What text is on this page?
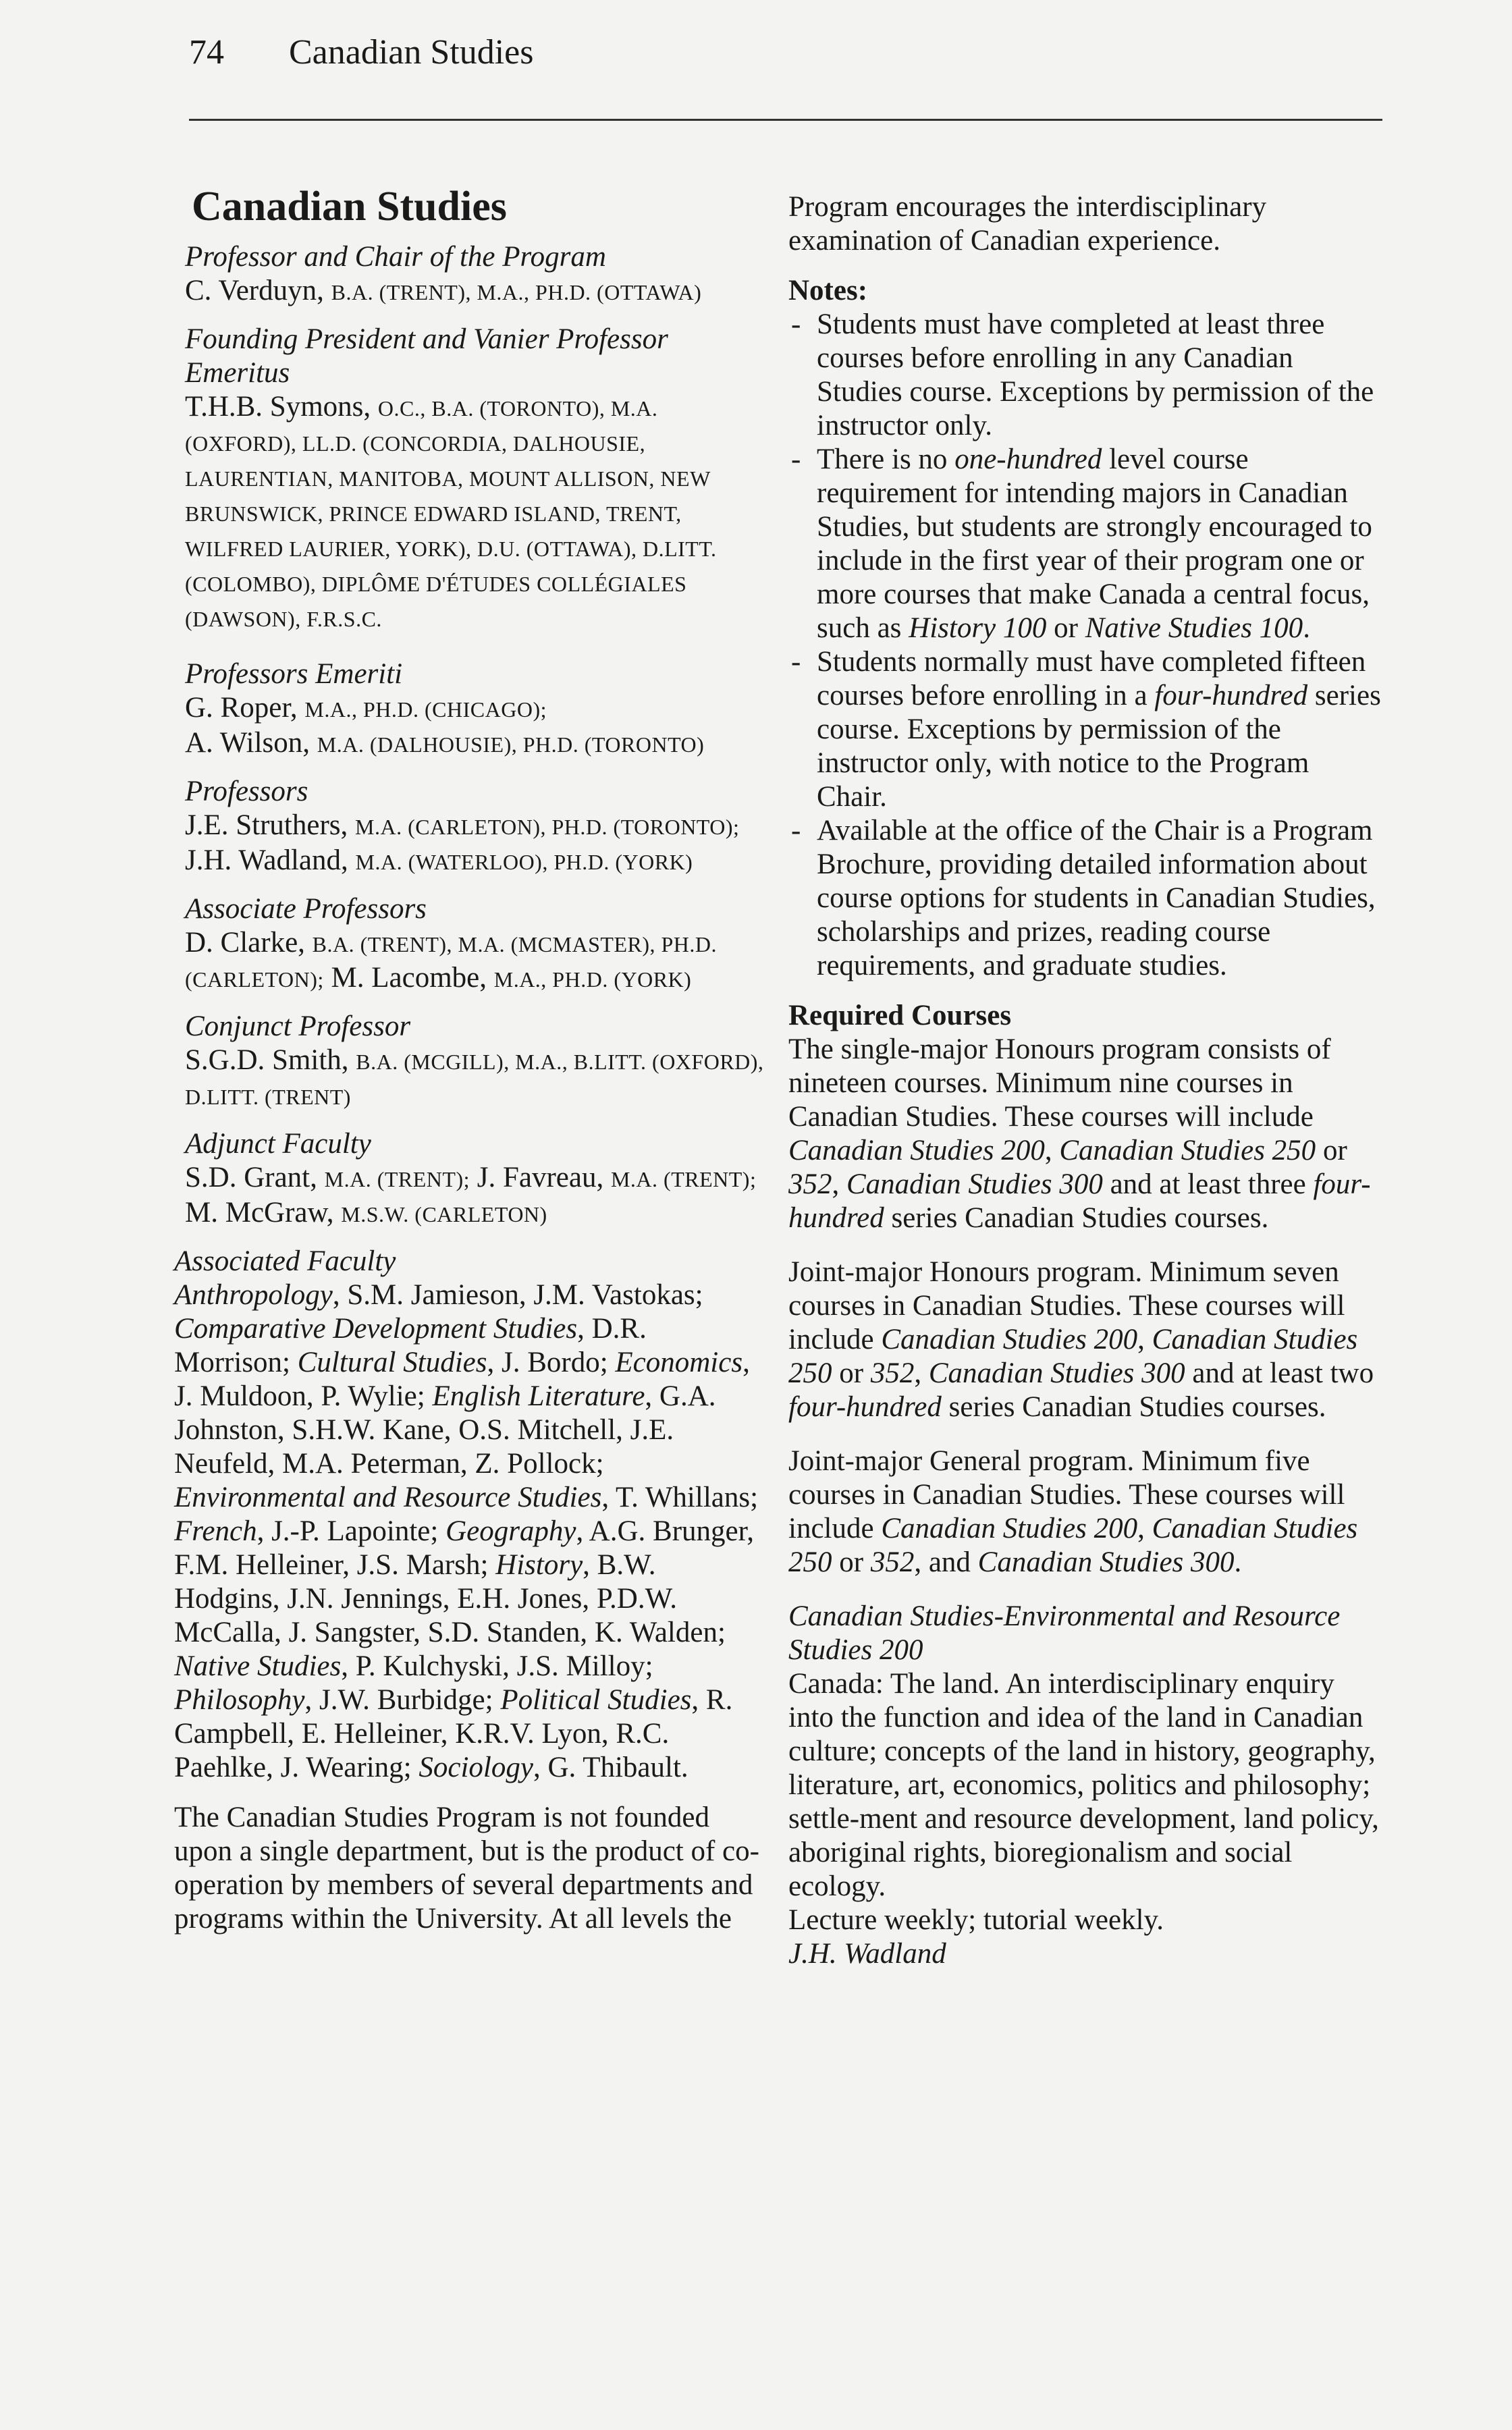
74 Canadian Studies
Canadian Studies

Professor and Chair of the Program

C. Verduyn, B.A. (TRENT), M.A., PH.D. (OTTAWA)

Founding President and Vanier Professor Emeritus

T.H.B. Symons, O.C., B.A. (TORONTO), M.A. (OXFORD), LL.D. (CONCORDIA, DALHOUSIE, LAURENTIAN, MANITOBA, MOUNT ALLISON, NEW BRUNSWICK, PRINCE EDWARD ISLAND, TRENT, WILFRED LAURIER, YORK), D.U. (OTTAWA), D.LITT. (COLOMBO), DIPLÔME D'ÉTUDES COLLÉGIALES (DAWSON), F.R.S.C.

Professors Emeriti

G. Roper, M.A., PH.D. (CHICAGO);

A. Wilson, M.A. (DALHOUSIE), PH.D. (TORONTO)

Professors

J.E. Struthers, M.A. (CARLETON), PH.D. (TORONTO); J.H. Wadland, M.A. (WATERLOO), PH.D. (YORK)

Associate Professors

D. Clarke, B.A. (TRENT), M.A. (MCMASTER), PH.D. (CARLETON); M. Lacombe, M.A., PH.D. (YORK)

Conjunct Professor

S.G.D. Smith, B.A. (MCGILL), M.A., B.LITT. (OXFORD), D.LITT. (TRENT)

Adjunct Faculty

S.D. Grant, M.A. (TRENT); J. Favreau, M.A. (TRENT); M. McGraw, M.S.W. (CARLETON)

Associated Faculty

Anthropology, S.M. Jamieson, J.M. Vastokas; Comparative Development Studies, D.R. Morrison; Cultural Studies, J. Bordo; Economics, J. Muldoon, P. Wylie; English Literature, G.A. Johnston, S.H.W. Kane, O.S. Mitchell, J.E. Neufeld, M.A. Peterman, Z. Pollock; Environmental and Resource Studies, T. Whillans; French, J.-P. Lapointe; Geography, A.G. Brunger, F.M. Helleiner, J.S. Marsh; History, B.W. Hodgins, J.N. Jennings, E.H. Jones, P.D.W. McCalla, J. Sangster, S.D. Standen, K. Walden; Native Studies, P. Kulchyski, J.S. Milloy; Philosophy, J.W. Burbidge; Political Studies, R. Campbell, E. Helleiner, K.R.V. Lyon, R.C. Paehlke, J. Wearing; Sociology, G. Thibault.

The Canadian Studies Program is not founded upon a single department, but is the product of co-operation by members of several departments and programs within the University. At all levels the

Program encourages the interdisciplinary examination of Canadian experience.

Notes:

- Students must have completed at least three courses before enrolling in any Canadian Studies course. Exceptions by permission of the instructor only.
- There is no one-hundred level course requirement for intending majors in Canadian Studies, but students are strongly encouraged to include in the first year of their program one or more courses that make Canada a central focus, such as History 100 or Native Studies 100.
- Students normally must have completed fifteen courses before enrolling in a four-hundred series course. Exceptions by permission of the instructor only, with notice to the Program Chair.
- Available at the office of the Chair is a Program Brochure, providing detailed information about course options for students in Canadian Studies, scholarships and prizes, reading course requirements, and graduate studies.

Required Courses

The single-major Honours program consists of nineteen courses. Minimum nine courses in Canadian Studies. These courses will include Canadian Studies 200, Canadian Studies 250 or 352, Canadian Studies 300 and at least three four-hundred series Canadian Studies courses.

Joint-major Honours program. Minimum seven courses in Canadian Studies. These courses will include Canadian Studies 200, Canadian Studies 250 or 352, Canadian Studies 300 and at least two four-hundred series Canadian Studies courses.

Joint-major General program. Minimum five courses in Canadian Studies. These courses will include Canadian Studies 200, Canadian Studies 250 or 352, and Canadian Studies 300.

Canadian Studies-Environmental and Resource Studies 200

Canada: The land. An interdisciplinary enquiry into the function and idea of the land in Canadian culture; concepts of the land in history, geography, literature, art, economics, politics and philosophy; settle-ment and resource development, land policy, aboriginal rights, bioregionalism and social ecology.

Lecture weekly; tutorial weekly.

J.H. Wadland
